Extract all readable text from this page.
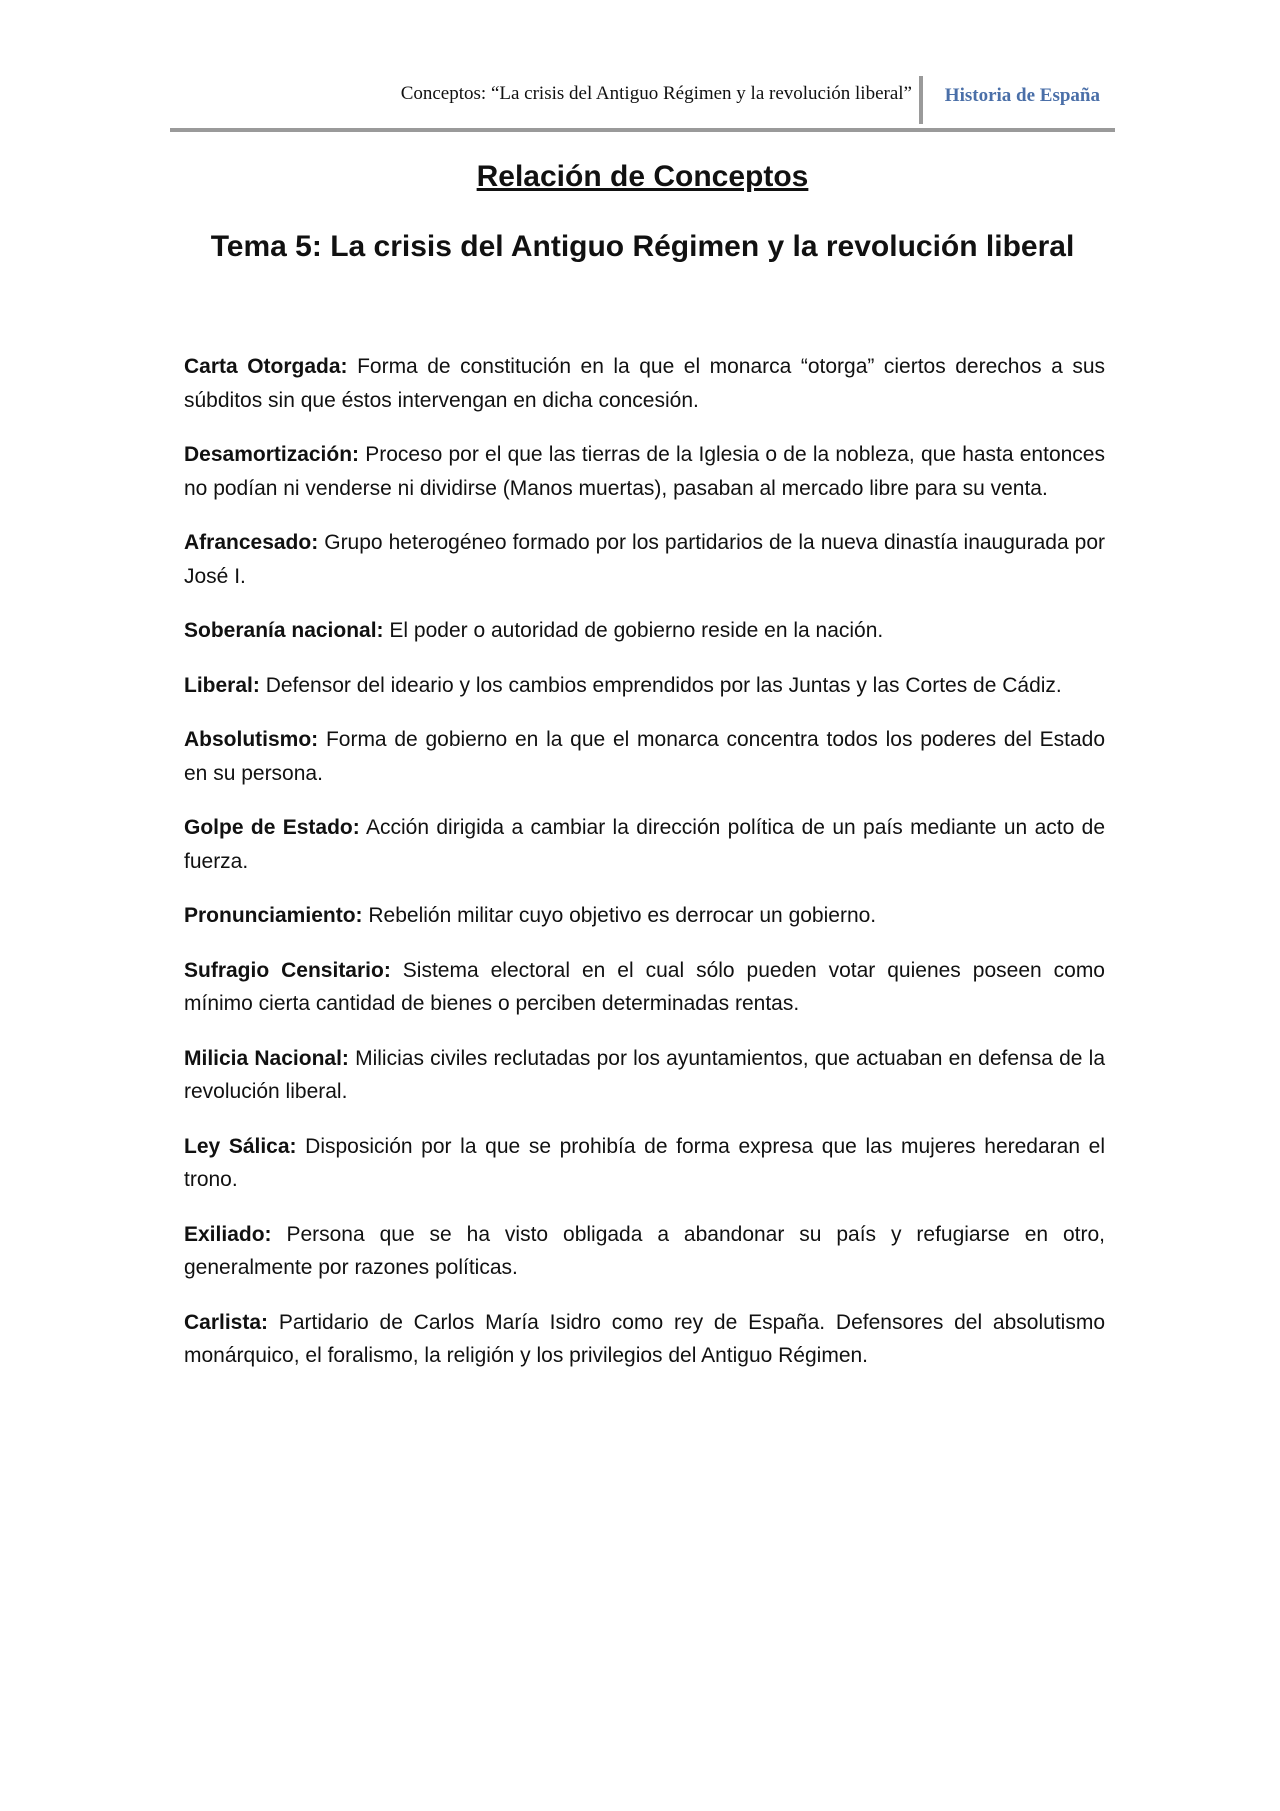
Conceptos: “La crisis del Antiguo Régimen y la revolución liberal” Historia de España
Relación de Conceptos
Tema 5: La crisis del Antiguo Régimen y la revolución liberal
Carta Otorgada: Forma de constitución en la que el monarca “otorga” ciertos derechos a sus súbditos sin que éstos intervengan en dicha concesión.
Desamortización: Proceso por el que las tierras de la Iglesia o de la nobleza, que hasta entonces no podían ni venderse ni dividirse (Manos muertas), pasaban al mercado libre para su venta.
Afrancesado: Grupo heterogéneo formado por los partidarios de la nueva dinastía inaugurada por José I.
Soberanía nacional: El poder o autoridad de gobierno reside en la nación.
Liberal: Defensor del ideario y los cambios emprendidos por las Juntas y las Cortes de Cádiz.
Absolutismo: Forma de gobierno en la que el monarca concentra todos los poderes del Estado en su persona.
Golpe de Estado: Acción dirigida a cambiar la dirección política de un país mediante un acto de fuerza.
Pronunciamiento: Rebelión militar cuyo objetivo es derrocar un gobierno.
Sufragio Censitario: Sistema electoral en el cual sólo pueden votar quienes poseen como mínimo cierta cantidad de bienes o perciben determinadas rentas.
Milicia Nacional: Milicias civiles reclutadas por los ayuntamientos, que actuaban en defensa de la revolución liberal.
Ley Sálica: Disposición por la que se prohibía de forma expresa que las mujeres heredaran el trono.
Exiliado: Persona que se ha visto obligada a abandonar su país y refugiarse en otro, generalmente por razones políticas.
Carlista: Partidario de Carlos María Isidro como rey de España. Defensores del absolutismo monárquico, el foralismo, la religión y los privilegios del Antiguo Régimen.
